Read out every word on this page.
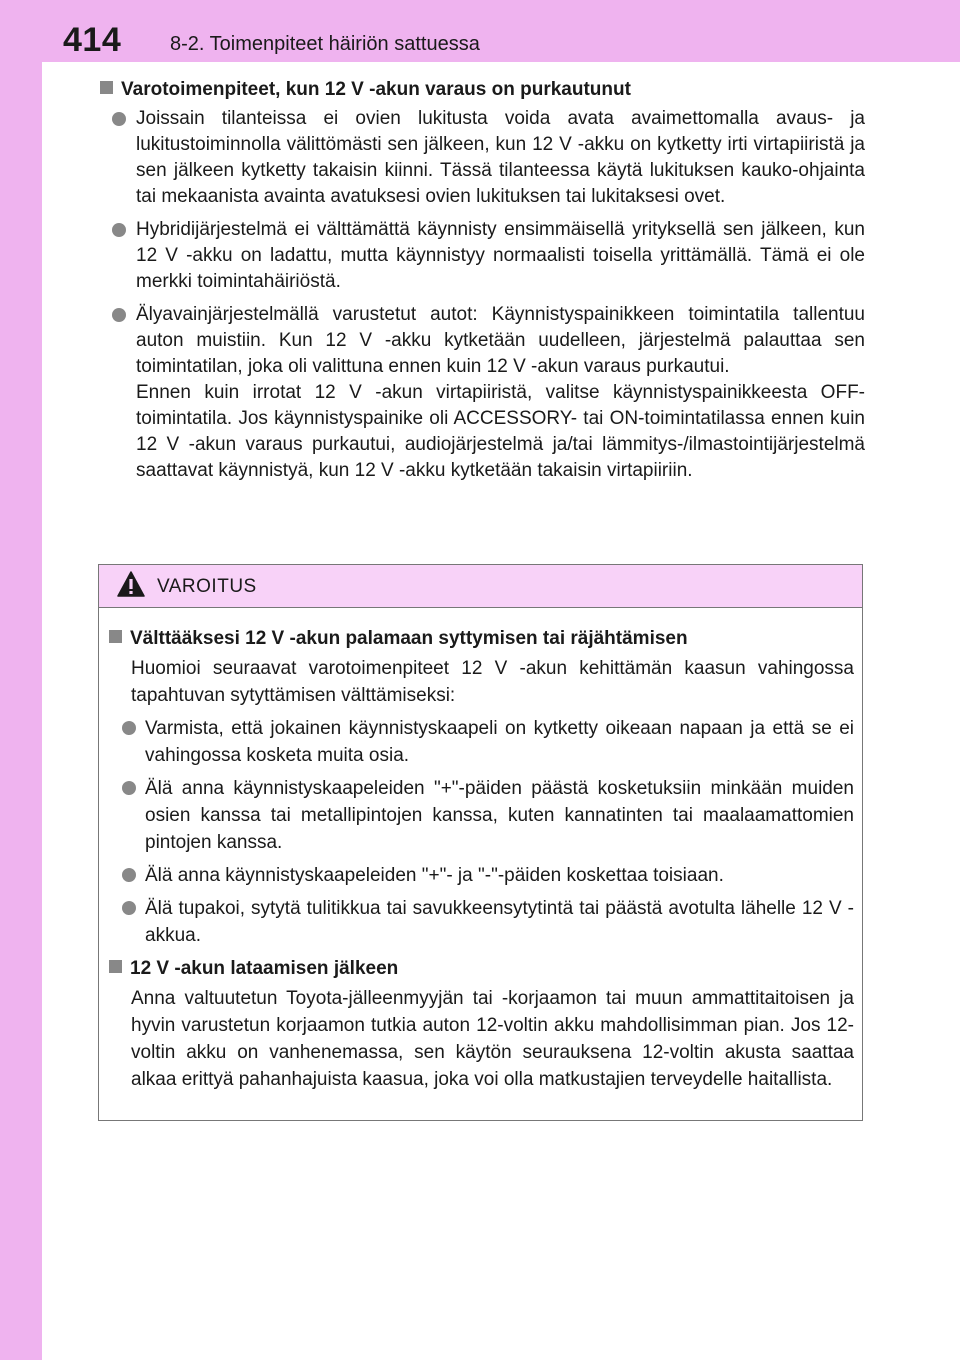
414 8-2. Toimenpiteet häiriön sattuessa
Varotoimenpiteet, kun 12 V -akun varaus on purkautunut

Joissain tilanteissa ei ovien lukitusta voida avata avaimettomalla avaus- ja lukitustoiminnolla välittömästi sen jälkeen, kun 12 V -akku on kytketty irti virtapiiristä ja sen jälkeen kytketty takaisin kiinni. Tässä tilanteessa käytä lukituksen kauko-ohjainta tai mekaanista avainta avatuksesi ovien lukituksen tai lukitaksesi ovet.

Hybridijärjestelmä ei välttämättä käynnisty ensimmäisellä yrityksellä sen jälkeen, kun 12 V -akku on ladattu, mutta käynnistyy normaalisti toisella yrittämällä. Tämä ei ole merkki toimintahäiriöstä.

Älyavainjärjestelmällä varustetut autot: Käynnistyspainikkeen toimintatila tallentuu auton muistiin. Kun 12 V -akku kytketään uudelleen, järjestelmä palauttaa sen toimintatilan, joka oli valittuna ennen kuin 12 V -akun varaus purkautui.

Ennen kuin irrotat 12 V -akun virtapiiristä, valitse käynnistyspainikkeesta OFF-toimintatila. Jos käynnistyspainike oli ACCESSORY- tai ON-toimintatilassa ennen kuin 12 V -akun varaus purkautui, audiojärjestelmä ja/tai lämmitys-/ilmastointijärjestelmä saattavat käynnistyä, kun 12 V -akku kytketään takaisin virtapiiriin.

VAROITUS
Välttääksesi 12 V -akun palamaan syttymisen tai räjähtämisen
Huomioi seuraavat varotoimenpiteet 12 V -akun kehittämän kaasun vahingossa tapahtuvan sytyttämisen välttämiseksi:
Varmista, että jokainen käynnistyskaapeli on kytketty oikeaan napaan ja että se ei vahingossa kosketa muita osia.
Älä anna käynnistyskaapeleiden "+"-päiden päästä kosketuksiin minkään muiden osien kanssa tai metallipintojen kanssa, kuten kannatinten tai maalaamattomien pintojen kanssa.
Älä anna käynnistyskaapeleiden "+"- ja "-"-päiden koskettaa toisiaan.
Älä tupakoi, sytytä tulitikkua tai savukkeensytytintä tai päästä avotulta lähelle 12 V -akkua.
12 V -akun lataamisen jälkeen
Anna valtuutetun Toyota-jälleenmyyjän tai -korjaamon tai muun ammattitaitoisen ja hyvin varustetun korjaamon tutkia auton 12-voltin akku mahdollisimman pian. Jos 12-voltin akku on vanhenemassa, sen käytön seurauksena 12-voltin akusta saattaa alkaa erittyä pahanhajuista kaasua, joka voi olla matkustajien terveydelle haitallista.
